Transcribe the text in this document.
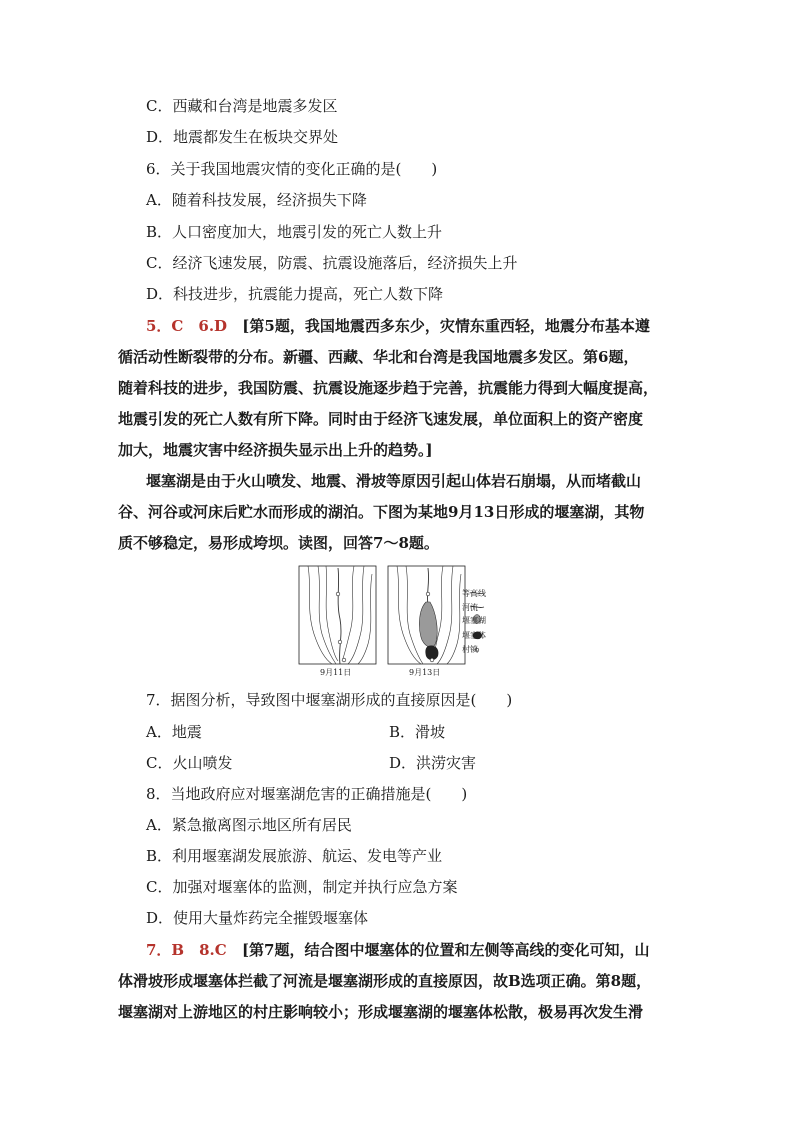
C．西藏和台湾是地震多发区
D．地震都发生在板块交界处
6．关于我国地震灾情的变化正确的是(　　)
A．随着科技发展，经济损失下降
B．人口密度加大，地震引发的死亡人数上升
C．经济飞速发展，防震、抗震设施落后，经济损失上升
D．科技进步，抗震能力提高，死亡人数下降
5．C　6.D [第5题，我国地震西多东少，灾情东重西轻，地震分布基本遵
循活动性断裂带的分布。新疆、西藏、华北和台湾是我国地震多发区。第6题，
随着科技的进步，我国防震、抗震设施逐步趋于完善，抗震能力得到大幅度提高，
地震引发的死亡人数有所下降。同时由于经济飞速发展，单位面积上的资产密度
加大，地震灾害中经济损失显示出上升的趋势。]
堰塞湖是由于火山喷发、地震、滑坡等原因引起山体岩石崩塌，从而堵截山
谷、河谷或河床后贮水而形成的湖泊。下图为某地9月13日形成的堰塞湖，其物
质不够稳定，易形成垮坝。读图，回答7～8题。
9月11日	9月13日
等高线
河流
堰塞湖
堰塞体
村镇
7．据图分析，导致图中堰塞湖形成的直接原因是(　　)
A．地震	B．滑坡
C．火山喷发	D．洪涝灾害
8．当地政府应对堰塞湖危害的正确措施是(　　)
A．紧急撤离图示地区所有居民
B．利用堰塞湖发展旅游、航运、发电等产业
C．加强对堰塞体的监测，制定并执行应急方案
D．使用大量炸药完全摧毁堰塞体
7．B　8.C [第7题，结合图中堰塞体的位置和左侧等高线的变化可知，山
体滑坡形成堰塞体拦截了河流是堰塞湖形成的直接原因，故B选项正确。第8题，
堰塞湖对上游地区的村庄影响较小；形成堰塞湖的堰塞体松散，极易再次发生滑
